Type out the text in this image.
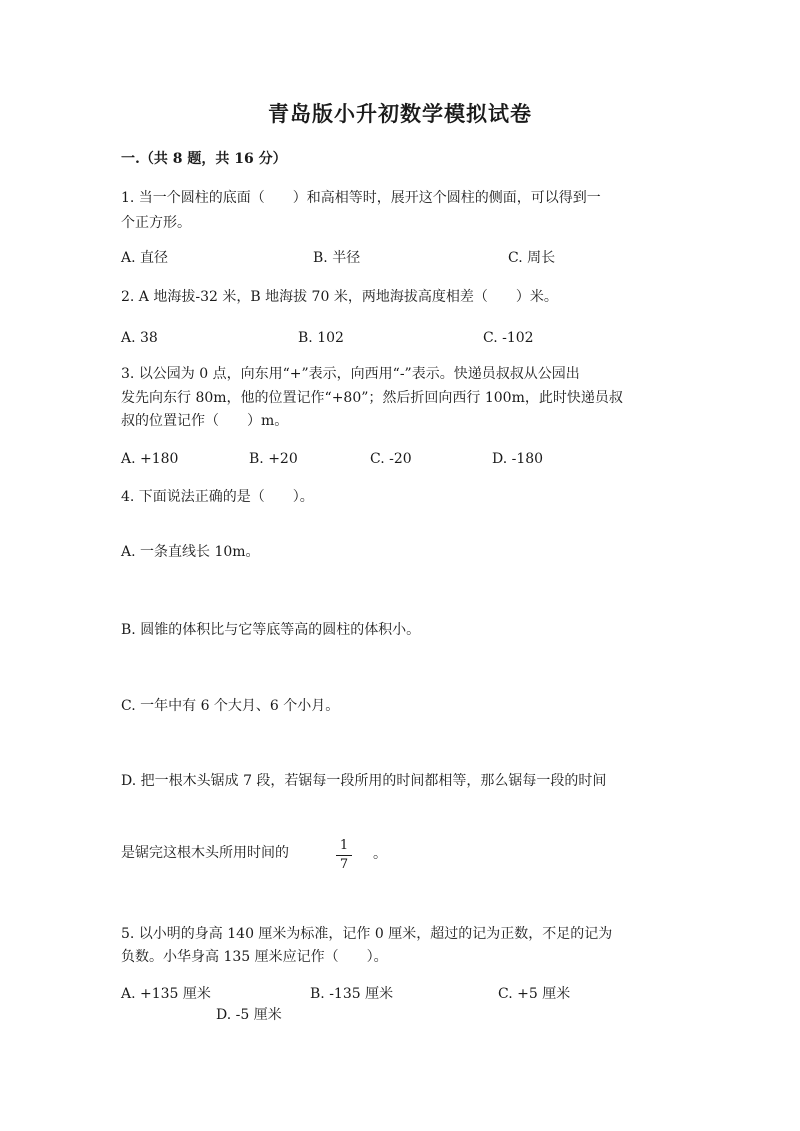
青岛版小升初数学模拟试卷
一.（共 8 题，共 16 分）
1. 当一个圆柱的底面（　　）和高相等时，展开这个圆柱的侧面，可以得到一
个正方形。
A. 直径	B. 半径	C. 周长
2. A 地海拔-32 米，B 地海拔 70 米，两地海拔高度相差（　　）米。
A. 38	B. 102	C. -102
3. 以公园为 0 点，向东用“+”表示，向西用“-”表示。快递员叔叔从公园出
发先向东行 80m，他的位置记作“+80”；然后折回向西行 100m，此时快递员叔
叔的位置记作（　　）m。
A. +180	B. +20	C. -20	D. -180
4. 下面说法正确的是（　　）。
A. 一条直线长 10m。
B. 圆锥的体积比与它等底等高的圆柱的体积小。
C. 一年中有 6 个大月、6 个小月。
D. 把一根木头锯成 7 段，若锯每一段所用的时间都相等，那么锯每一段的时间
是锯完这根木头所用时间的	1
7
。
5. 以小明的身高 140 厘米为标准，记作 0 厘米，超过的记为正数，不足的记为
负数。小华身高 135 厘米应记作（　　）。
A. +135 厘米	B. -135 厘米	C. +5 厘米
D. -5 厘米
